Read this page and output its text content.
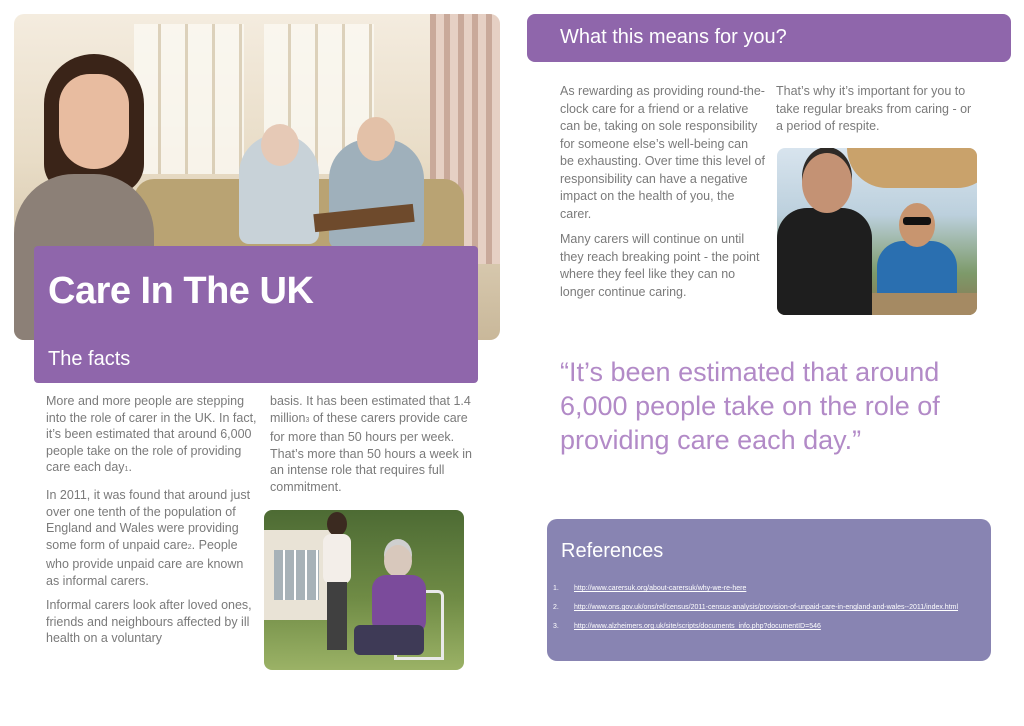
Care In The UK
The facts

More and more people are stepping into the role of carer in the UK. In fact, it’s been estimated that around 6,000 people take on the role of providing care each day1.

In 2011, it was found that around just over one tenth of the population of England and Wales were providing some form of unpaid care2. People who provide unpaid care are known as informal carers.

Informal carers look after loved ones, friends and neighbours affected by ill health on a voluntary

basis. It has been estimated that 1.4 million3 of these carers provide care for more than 50 hours per week. That’s more than 50 hours a week in an intense role that requires full commitment.

What this means for you?

As rewarding as providing round-the-clock care for a friend or a relative can be, taking on sole responsibility for someone else’s well-being can be exhausting. Over time this level of responsibility can have a negative impact on the health of you, the carer.

Many carers will continue on until they reach breaking point - the point where they feel like they can no longer continue caring.

That’s why it’s important for you to take regular breaks from caring - or a period of respite.

“It’s been estimated that around 6,000 people take on the role of providing care each day.”
References
1. http://www.carersuk.org/about-carersuk/why-we-re-here
2. http://www.ons.gov.uk/ons/rel/census/2011-census-analysis/provision-of-unpaid-care-in-england-and-wales--2011/index.html
3. http://www.alzheimers.org.uk/site/scripts/documents_info.php?documentID=546
